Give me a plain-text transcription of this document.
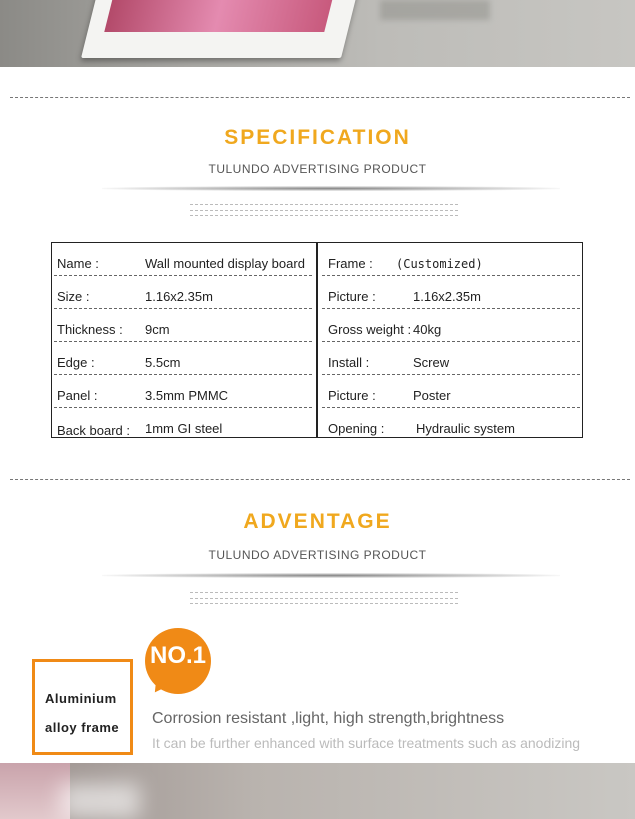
SPECIFICATION
TULUNDO ADVERTISING PRODUCT
Name :	Wall mounted display board Frame : (Customized)
Size :	1.16x2.35m	Picture :	1.16x2.35m
Thickness : 9cm	Gross weight : 40kg
Edge :	5.5cm	Install :	Screw
Panel :	3.5mm PMMC	Picture :	Poster
Back board : 1mm GI steel	Opening : Hydraulic system
ADVENTAGE
TULUNDO ADVERTISING PRODUCT
NO.1
Aluminium
alloy frame
Corrosion resistant ,light, high strength,brightness
It can be further enhanced with surface treatments such as anodizing
